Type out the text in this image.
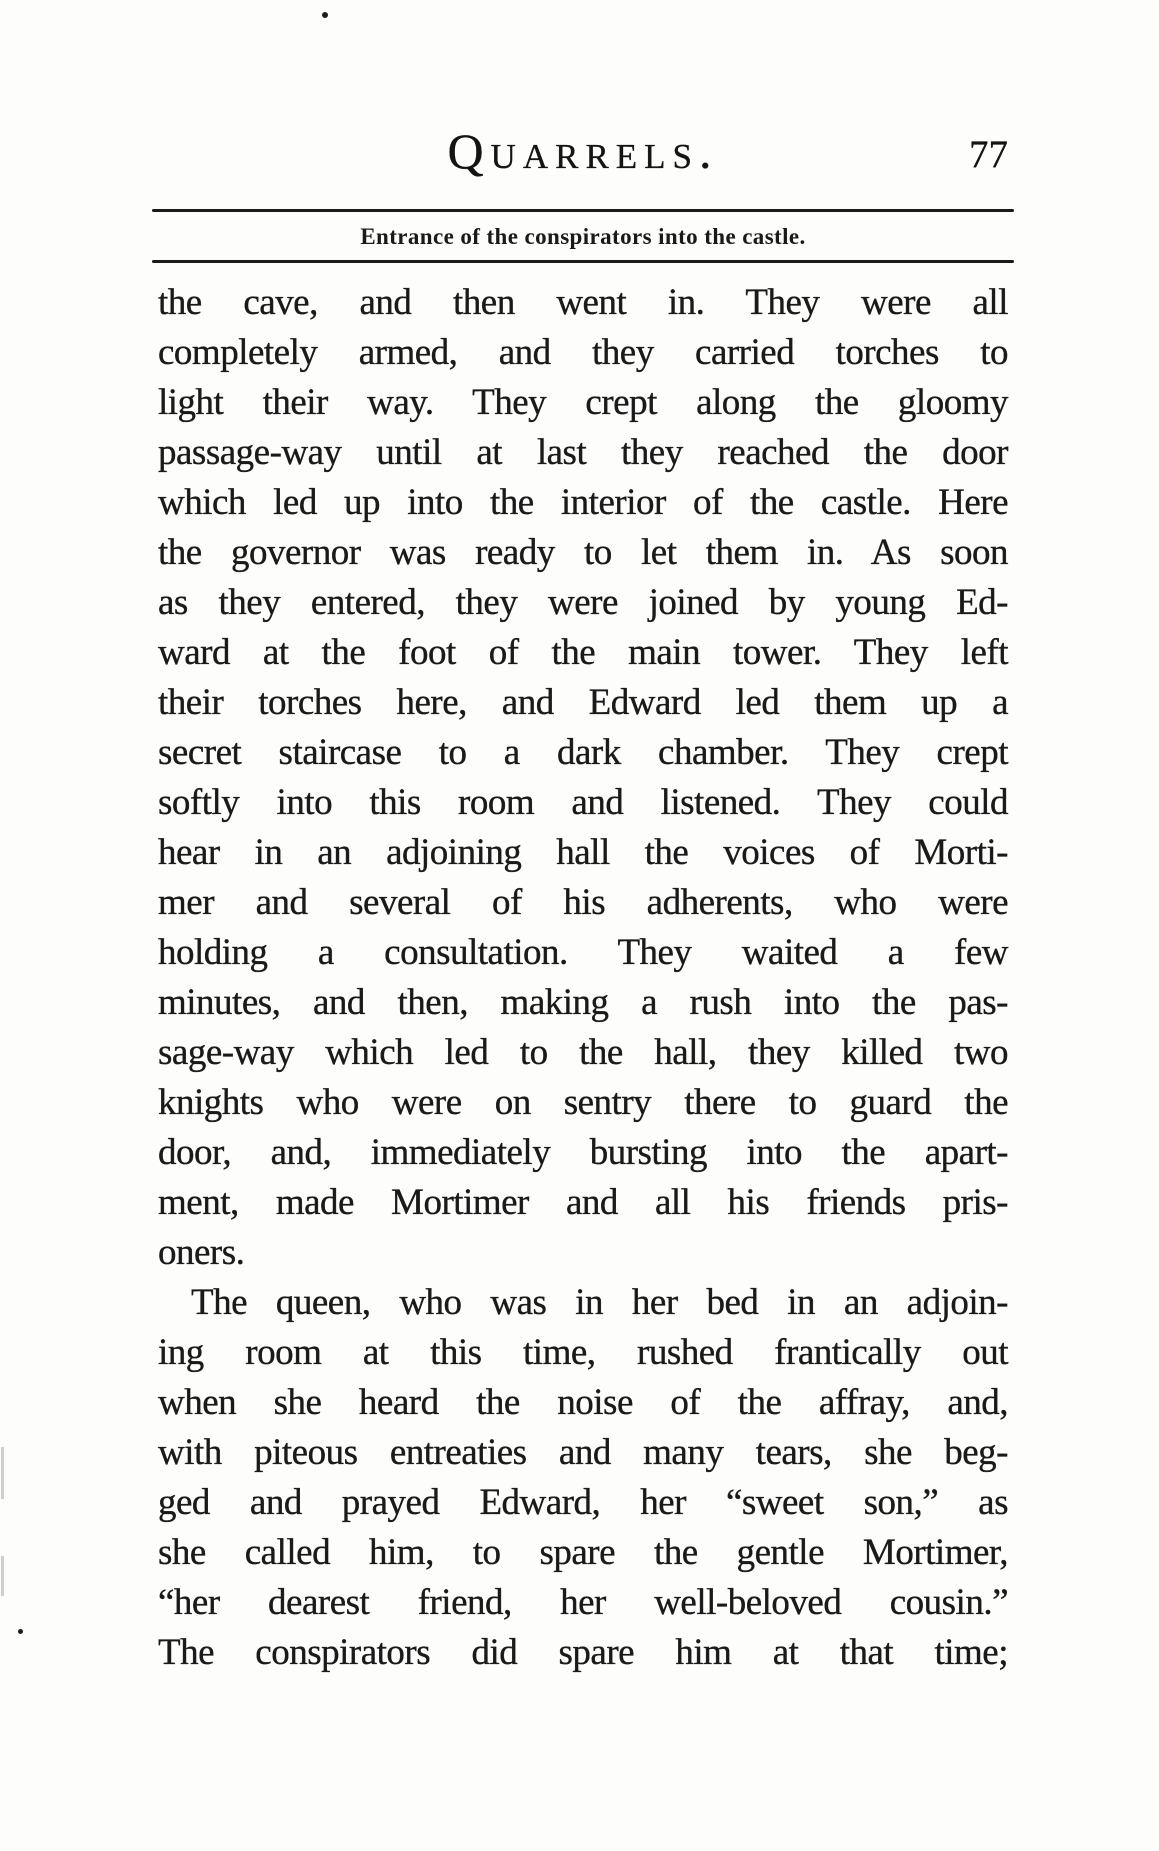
Quarrels.	77
Entrance of the conspirators into the castle.
the cave, and then went in. They were all
completely armed, and they carried torches to
light their way. They crept along the gloomy
passage-way until at last they reached the door
which led up into the interior of the castle. Here
the governor was ready to let them in. As soon
as they entered, they were joined by young Ed-
ward at the foot of the main tower. They left
their torches here, and Edward led them up a
secret staircase to a dark chamber. They crept
softly into this room and listened. They could
hear in an adjoining hall the voices of Morti-
mer and several of his adherents, who were
holding a consultation. They waited a few
minutes, and then, making a rush into the pas-
sage-way which led to the hall, they killed two
knights who were on sentry there to guard the
door, and, immediately bursting into the apart-
ment, made Mortimer and all his friends pris-
oners.
The queen, who was in her bed in an adjoin-
ing room at this time, rushed frantically out
when she heard the noise of the affray, and,
with piteous entreaties and many tears, she beg-
ged and prayed Edward, her “sweet son,” as
she called him, to spare the gentle Mortimer,
“her dearest friend, her well-beloved cousin.”
The conspirators did spare him at that time;
